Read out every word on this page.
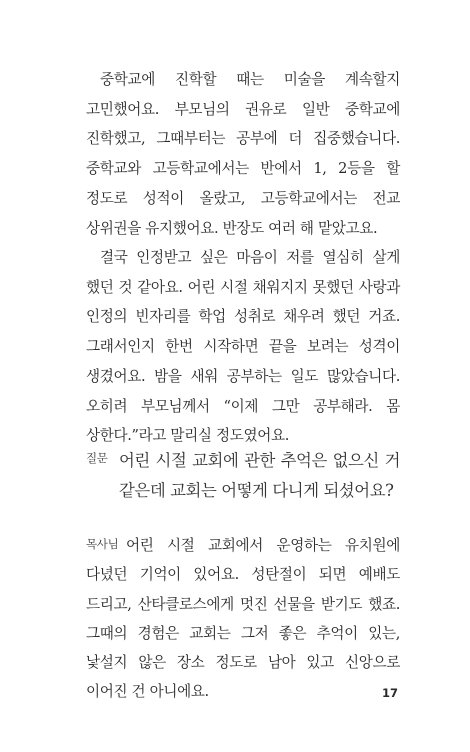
중학교에 진학할 때는 미술을 계속할지 고민했어요. 부모님의 권유로 일반 중학교에 진학했고, 그때부터는 공부에 더 집중했습니다. 중학교와 고등학교에서는 반에서 1, 2등을 할 정도로 성적이 올랐고, 고등학교에서는 전교 상위권을 유지했어요. 반장도 여러 해 맡았고요.

결국 인정받고 싶은 마음이 저를 열심히 살게 했던 것 같아요. 어린 시절 채워지지 못했던 사랑과 인정의 빈자리를 학업 성취로 채우려 했던 거죠. 그래서인지 한번 시작하면 끝을 보려는 성격이 생겼어요. 밤을 새워 공부하는 일도 많았습니다. 오히려 부모님께서 “이제 그만 공부해라. 몸 상한다.”라고 말리실 정도였어요.

질문 어린 시절 교회에 관한 추억은 없으신 거 같은데 교회는 어떻게 다니게 되셨어요?

목사님 어린 시절 교회에서 운영하는 유치원에 다녔던 기억이 있어요. 성탄절이 되면 예배도 드리고, 산타클로스에게 멋진 선물을 받기도 했죠. 그때의 경험은 교회는 그저 좋은 추억이 있는, 낯설지 않은 장소 정도로 남아 있고 신앙으로 이어진 건 아니에요.	17
